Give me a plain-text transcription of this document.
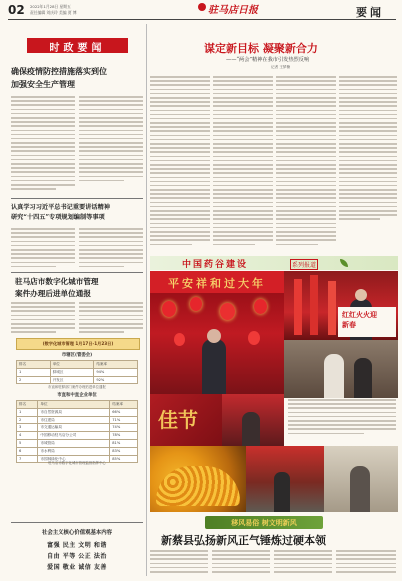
02 2022年1月28日 星期五
责任编辑 刘庆玲 美编 贾 博	驻马店日报	要闻
时政要闻	谋定新目标 凝聚新合力
——“两会”精神在我市引发热烈反响
记者 王梦楠
确保疫情防控措施落实到位
加强安全生产管理
认真学习习近平总书记重要讲话精神
研究“十四五”专项规划编制等事项
驻马店市数字化城市管理
案件办理后进单位通报
(数字化城市管理 1月17日-1月23日)
市辖区(管委会)
排名	单位	结案率
1	驿城区	94%
2	开发区	92%
市直和驻驿部门案件办理后进单位通报
市直和中直企业单位
排名	单位	结案率
1	市自然资源局	66%
2	市住建局	71%
3	市交通运输局	74%
4	中国移动驻马店分公司	78%
5	市城管局	81%
6	市水利局	83%
7	市园林绿化中心	85%
驻马店市数字化城市管理监督指挥中心
社会主义核心价值观基本内容
富强 民主 文明 和谐
自由 平等 公正 法治
爱国 敬业 诚信 友善
中国药谷建设	系列报道
平安祥和过大年
红红火火迎新春
佳节
移风易俗 树文明新风
新蔡县弘扬新风正气锤炼过硬本领
